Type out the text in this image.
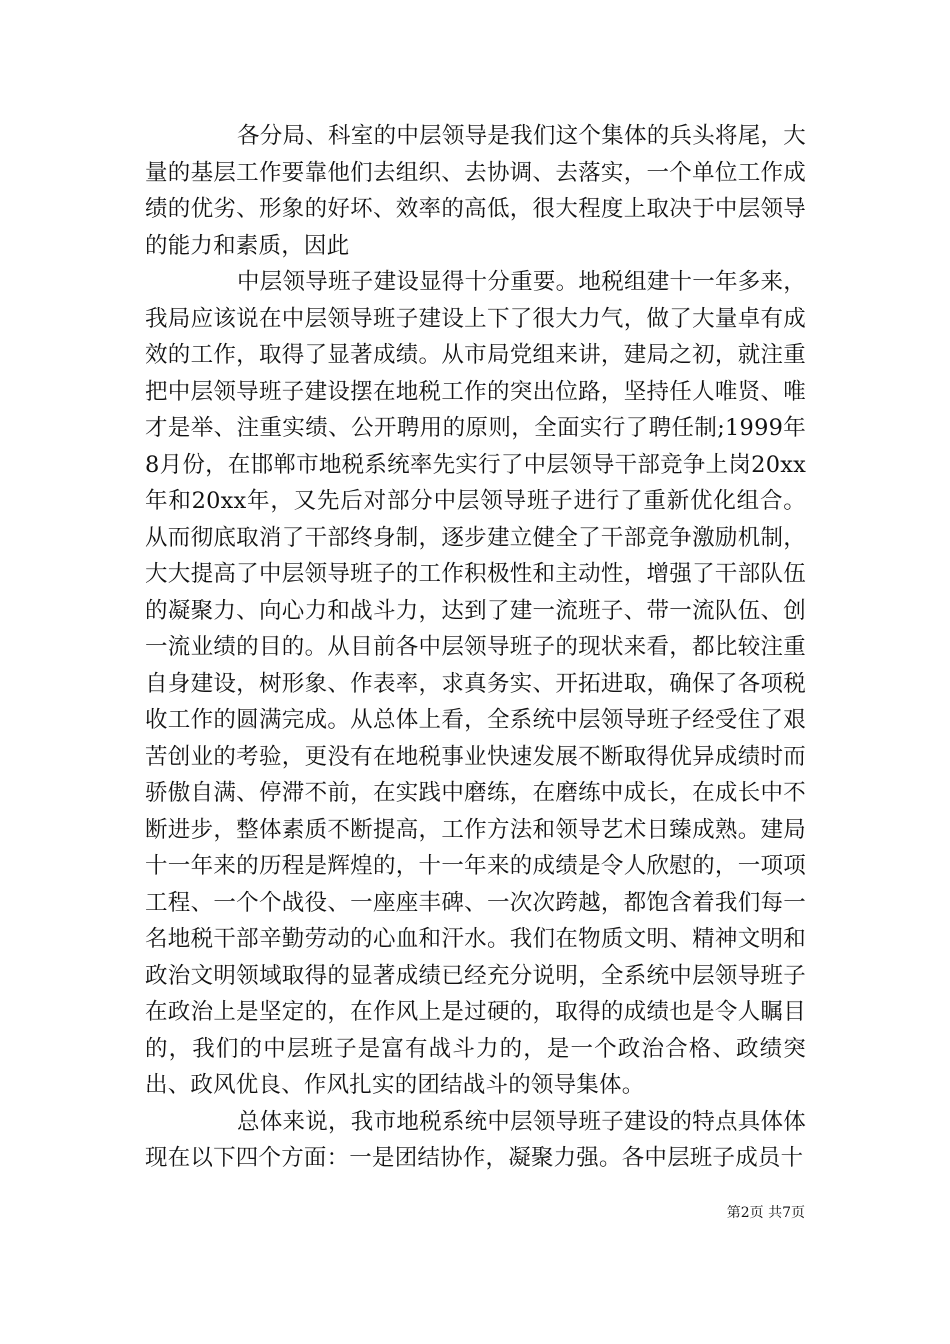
各分局、科室的中层领导是我们这个集体的兵头将尾，大量的基层工作要靠他们去组织、去协调、去落实，一个单位工作成绩的优劣、形象的好坏、效率的高低，很大程度上取决于中层领导的能力和素质，因此

中层领导班子建设显得十分重要。地税组建十一年多来，我局应该说在中层领导班子建设上下了很大力气，做了大量卓有成效的工作，取得了显著成绩。从市局党组来讲，建局之初，就注重把中层领导班子建设摆在地税工作的突出位路，坚持任人唯贤、唯才是举、注重实绩、公开聘用的原则，全面实行了聘任制;1999年8月份，在邯郸市地税系统率先实行了中层领导干部竞争上岗20xx年和20xx年，又先后对部分中层领导班子进行了重新优化组合。从而彻底取消了干部终身制，逐步建立健全了干部竞争激励机制，大大提高了中层领导班子的工作积极性和主动性，增强了干部队伍的凝聚力、向心力和战斗力，达到了建一流班子、带一流队伍、创一流业绩的目的。从目前各中层领导班子的现状来看，都比较注重自身建设，树形象、作表率，求真务实、开拓进取，确保了各项税收工作的圆满完成。从总体上看，全系统中层领导班子经受住了艰苦创业的考验，更没有在地税事业快速发展不断取得优异成绩时而骄傲自满、停滞不前，在实践中磨练，在磨练中成长，在成长中不断进步，整体素质不断提高，工作方法和领导艺术日臻成熟。建局十一年来的历程是辉煌的，十一年来的成绩是令人欣慰的，一项项工程、一个个战役、一座座丰碑、一次次跨越，都饱含着我们每一名地税干部辛勤劳动的心血和汗水。我们在物质文明、精神文明和政治文明领域取得的显著成绩已经充分说明，全系统中层领导班子在政治上是坚定的，在作风上是过硬的，取得的成绩也是令人瞩目的，我们的中层班子是富有战斗力的，是一个政治合格、政绩突出、政风优良、作风扎实的团结战斗的领导集体。

总体来说，我市地税系统中层领导班子建设的特点具体体现在以下四个方面：一是团结协作，凝聚力强。各中层班子成员十

第2页 共7页
